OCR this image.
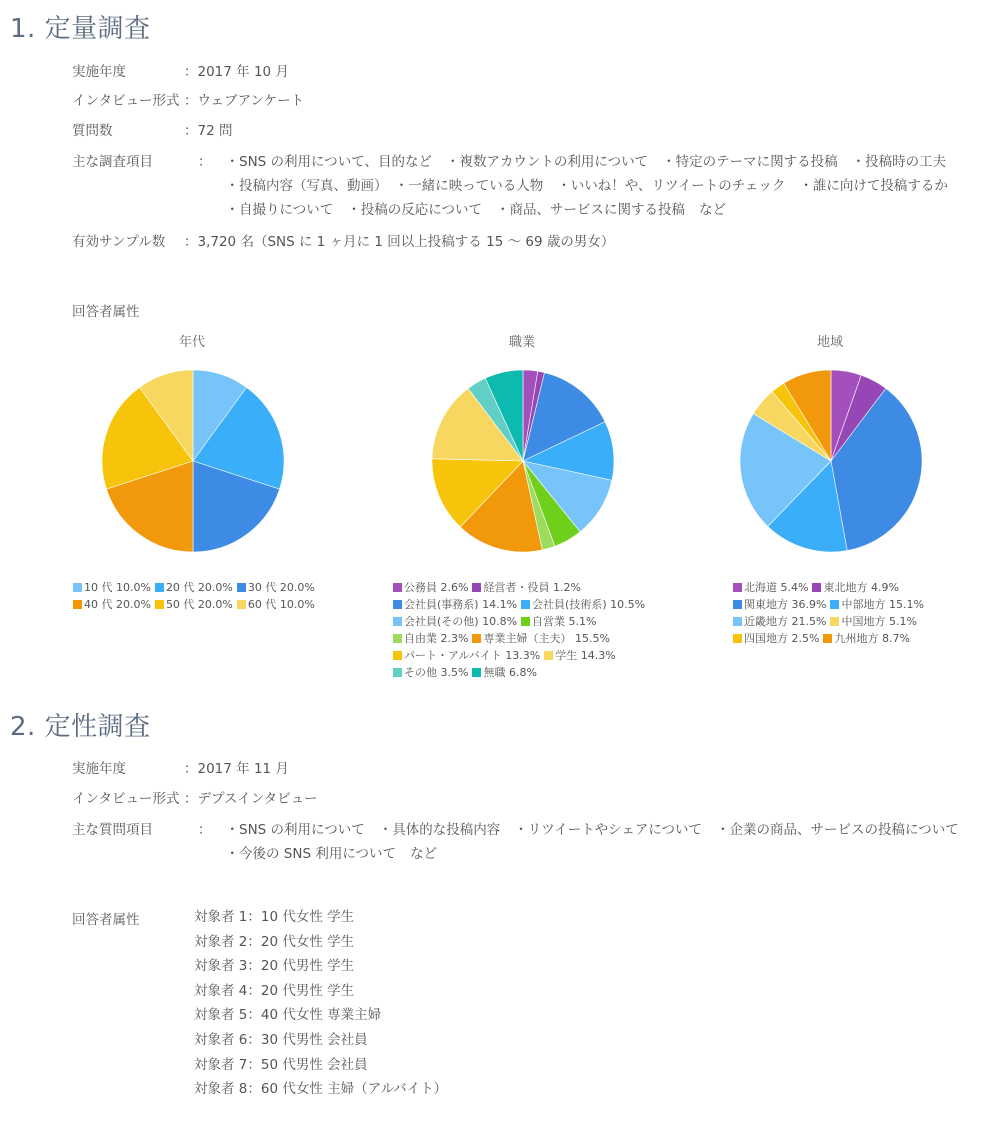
1. 定量調査
実施年度	：2017 年 10 月
インタビュー形式 ：ウェブアンケート
質問数	：72 問
主な調査項目	： ・SNS の利用について、目的など ・複数アカウントの利用について ・特定のテーマに関する投稿 ・投稿時の工夫
・投稿内容（写真、動画） ・一緒に映っている人物 ・いいね！や、リツイートのチェック ・誰に向けて投稿するか
・自撮りについて ・投稿の反応について ・商品、サービスに関する投稿 など
有効サンプル数 ：3,720 名（SNS に 1 ヶ月に 1 回以上投稿する 15 ～ 69 歳の男女）
回答者属性
年代	職業	地域
10 代 10.0% 20 代 20.0% 30 代 20.0%
40 代 20.0% 50 代 20.0% 60 代 10.0%
公務員 2.6% 経営者・役員 1.2%
会社員(事務系) 14.1% 会社員(技術系) 10.5%
会社員(その他) 10.8% 自営業 5.1%
自由業 2.3% 専業主婦（主夫） 15.5%
パート・アルバイト 13.3% 学生 14.3%
その他 3.5% 無職 6.8%
北海道 5.4% 東北地方 4.9%
関東地方 36.9% 中部地方 15.1%
近畿地方 21.5% 中国地方 5.1%
四国地方 2.5% 九州地方 8.7%
2. 定性調査
実施年度	：2017 年 11 月
インタビュー形式 ：デプスインタビュー
主な質問項目	： ・SNS の利用について ・具体的な投稿内容 ・リツイートやシェアについて ・企業の商品、サービスの投稿について
・今後の SNS 利用について など
回答者属性	対象者 1：10 代女性 学生
対象者 2：20 代女性 学生
対象者 3：20 代男性 学生
対象者 4：20 代男性 学生
対象者 5：40 代女性 専業主婦
対象者 6：30 代男性 会社員
対象者 7：50 代男性 会社員
対象者 8：60 代女性 主婦（アルバイト）
